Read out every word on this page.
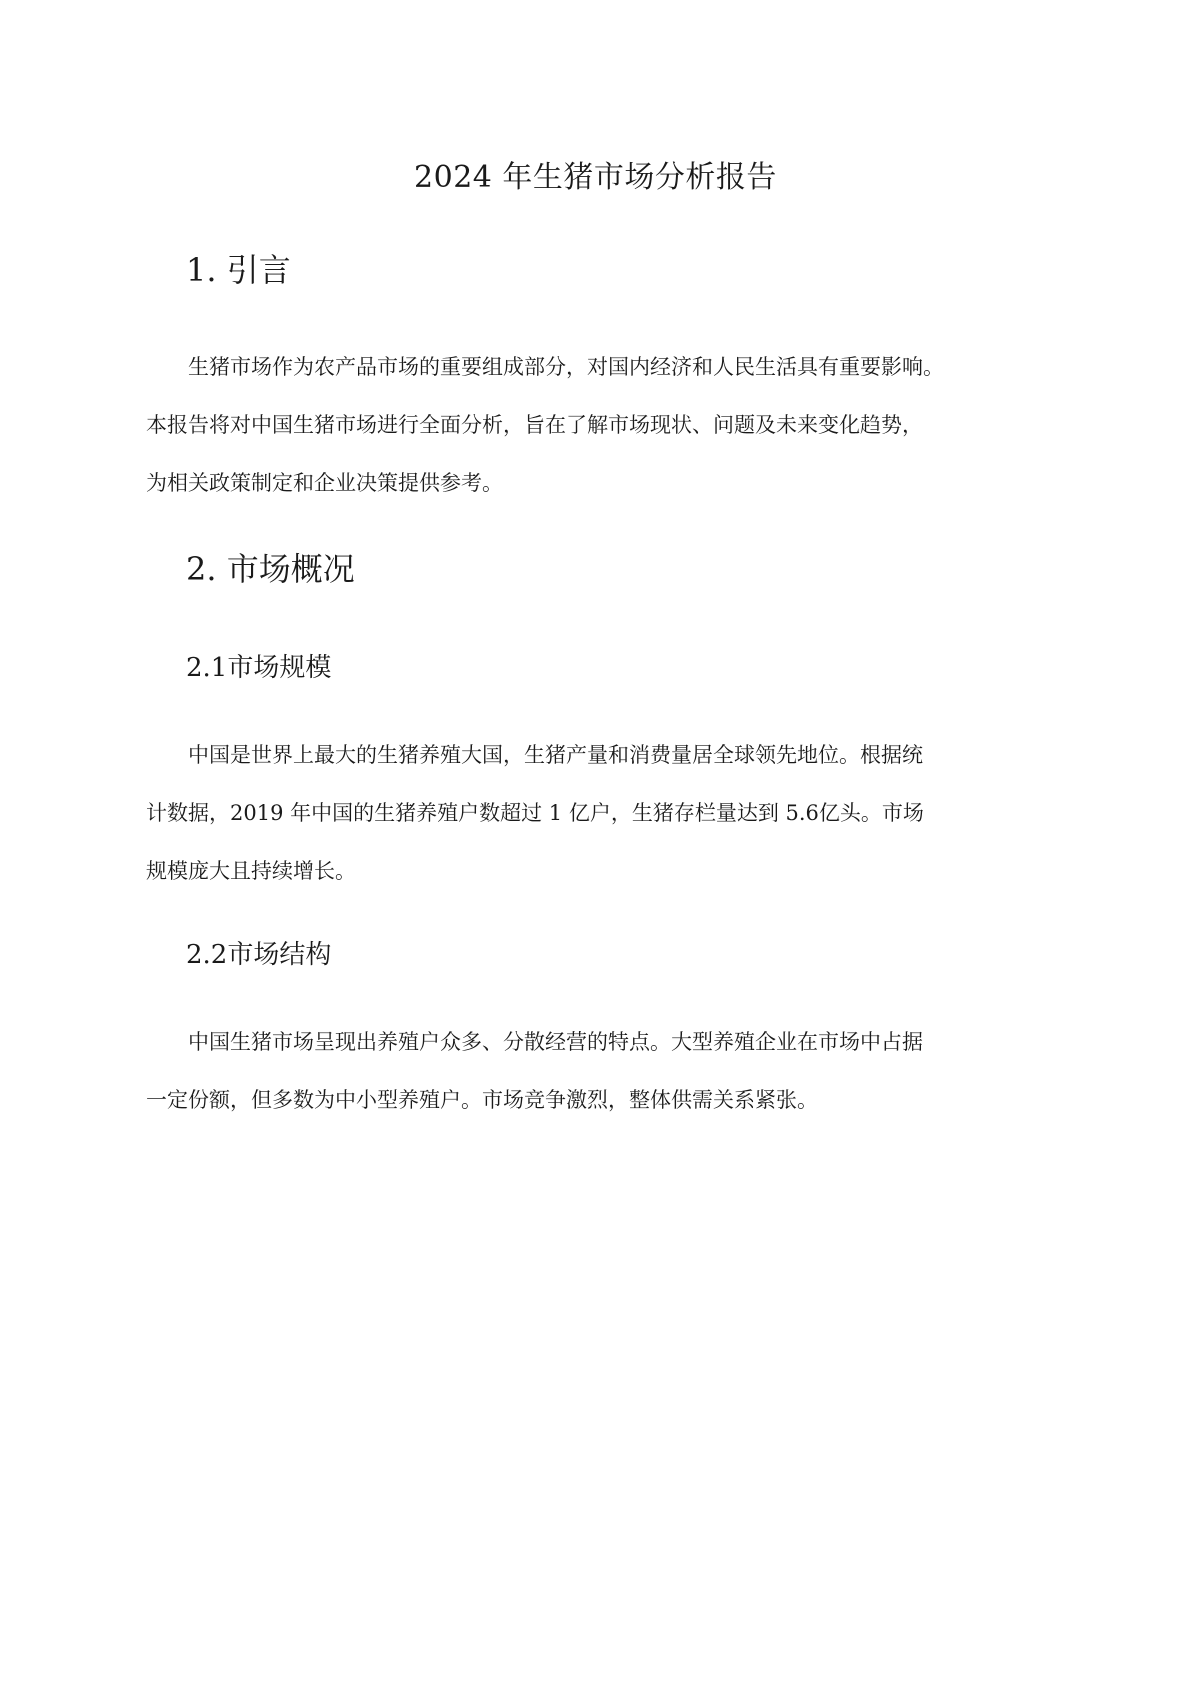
2024 年生猪市场分析报告
1. 引言

生猪市场作为农产品市场的重要组成部分，对国内经济和人民生活具有重要影响。
本报告将对中国生猪市场进行全面分析，旨在了解市场现状、问题及未来变化趋势，
为相关政策制定和企业决策提供参考。

2. 市场概况
2.1市场规模

中国是世界上最大的生猪养殖大国，生猪产量和消费量居全球领先地位。根据统
计数据，2019 年中国的生猪养殖户数超过 1 亿户，生猪存栏量达到 5.6亿头。市场
规模庞大且持续增长。

2.2市场结构

中国生猪市场呈现出养殖户众多、分散经营的特点。大型养殖企业在市场中占据
一定份额，但多数为中小型养殖户。市场竞争激烈，整体供需关系紧张。
